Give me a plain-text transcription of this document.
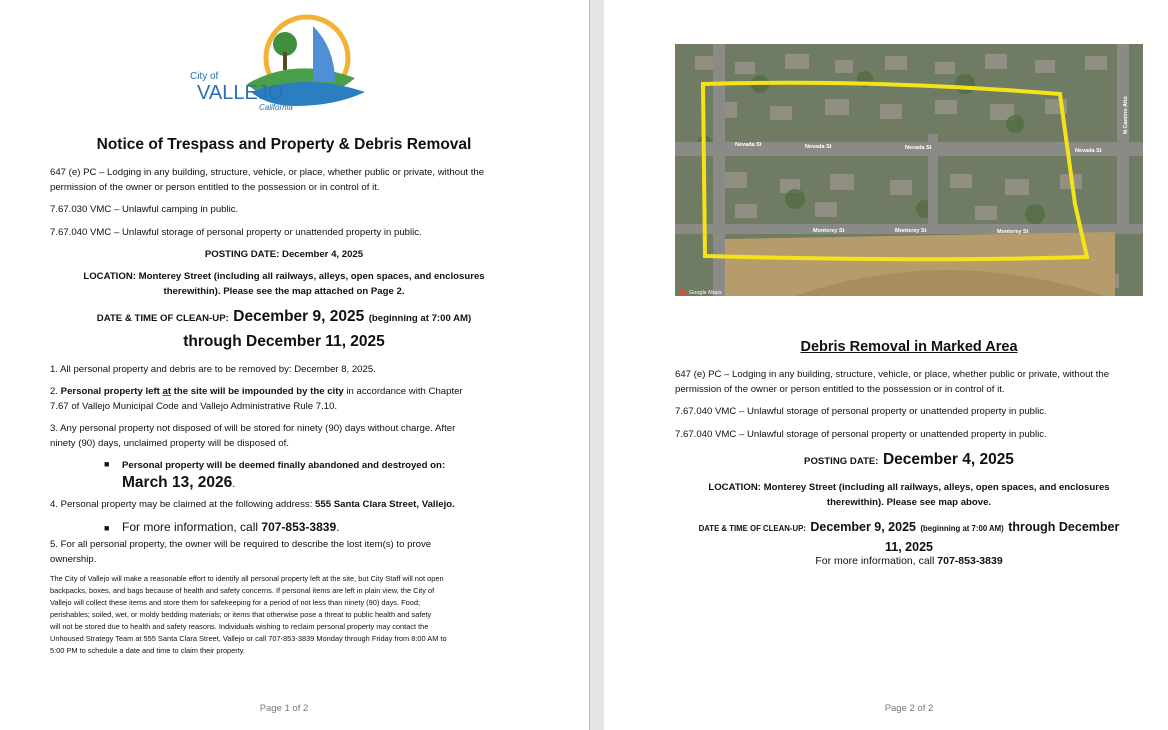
City of
VALLEJO
California
Notice of Trespass and Property & Debris Removal
647 (e) PC – Lodging in any building, structure, vehicle, or place, whether public or private, without the permission of the owner or person entitled to the possession or in control of it.
7.67.030 VMC – Unlawful camping in public.
7.67.040 VMC – Unlawful storage of personal property or unattended property in public.
POSTING DATE: December 4, 2025
LOCATION: Monterey Street (including all railways, alleys, open spaces, and enclosures
therewithin). Please see the map attached on Page 2.
DATE & TIME OF CLEAN-UP: December 9, 2025 (beginning at 7:00 AM)
through December 11, 2025
1. All personal property and debris are to be removed by: December 8, 2025.
2. Personal property left at the site will be impounded by the city in accordance with Chapter
7.67 of Vallejo Municipal Code and Vallejo Administrative Rule 7.10.
3. Any personal property not disposed of will be stored for ninety (90) days without charge. After
ninety (90) days, unclaimed property will be disposed of.
■ Personal property will be deemed finally abandoned and destroyed on:
March 13, 2026.
4. Personal property may be claimed at the following address: 555 Santa Clara Street, Vallejo.
■ For more information, call 707-853-3839.
5. For all personal property, the owner will be required to describe the lost item(s) to prove
ownership.
The City of Vallejo will make a reasonable effort to identify all personal property left at the site, but City Staff will not open
backpacks, boxes, and bags because of health and safety concerns. If personal items are left in plain view, the City of
Vallejo will collect these items and store them for safekeeping for a period of not less than ninety (90) days. Food;
perishables; soiled, wet, or moldy bedding materials; or items that otherwise pose a threat to public health and safety
will not be stored due to health and safety reasons. Individuals wishing to reclaim personal property may contact the
Unhoused Strategy Team at 555 Santa Clara Street, Vallejo or call 707-853-3839 Monday through Friday from 8:00 AM to
5:00 PM to schedule a date and time to claim their property.
Page 1 of 2
Nevada St	Nevada St	Nevada St	Nevada St
Monterey St	Monterey St	Monterey St
N Camino Alto
Google Maps
Debris Removal in Marked Area
647 (e) PC – Lodging in any building, structure, vehicle, or place, whether public or private, without the permission of the owner or person entitled to the possession or in control of it.
7.67.040 VMC – Unlawful storage of personal property or unattended property in public.
7.67.040 VMC – Unlawful storage of personal property or unattended property in public.
POSTING DATE: December 4, 2025
LOCATION: Monterey Street (including all railways, alleys, open spaces, and enclosures
therewithin). Please see map above.
DATE & TIME OF CLEAN-UP: December 9, 2025 (beginning at 7:00 AM) through December
11, 2025
For more information, call 707-853-3839
Page 2 of 2
